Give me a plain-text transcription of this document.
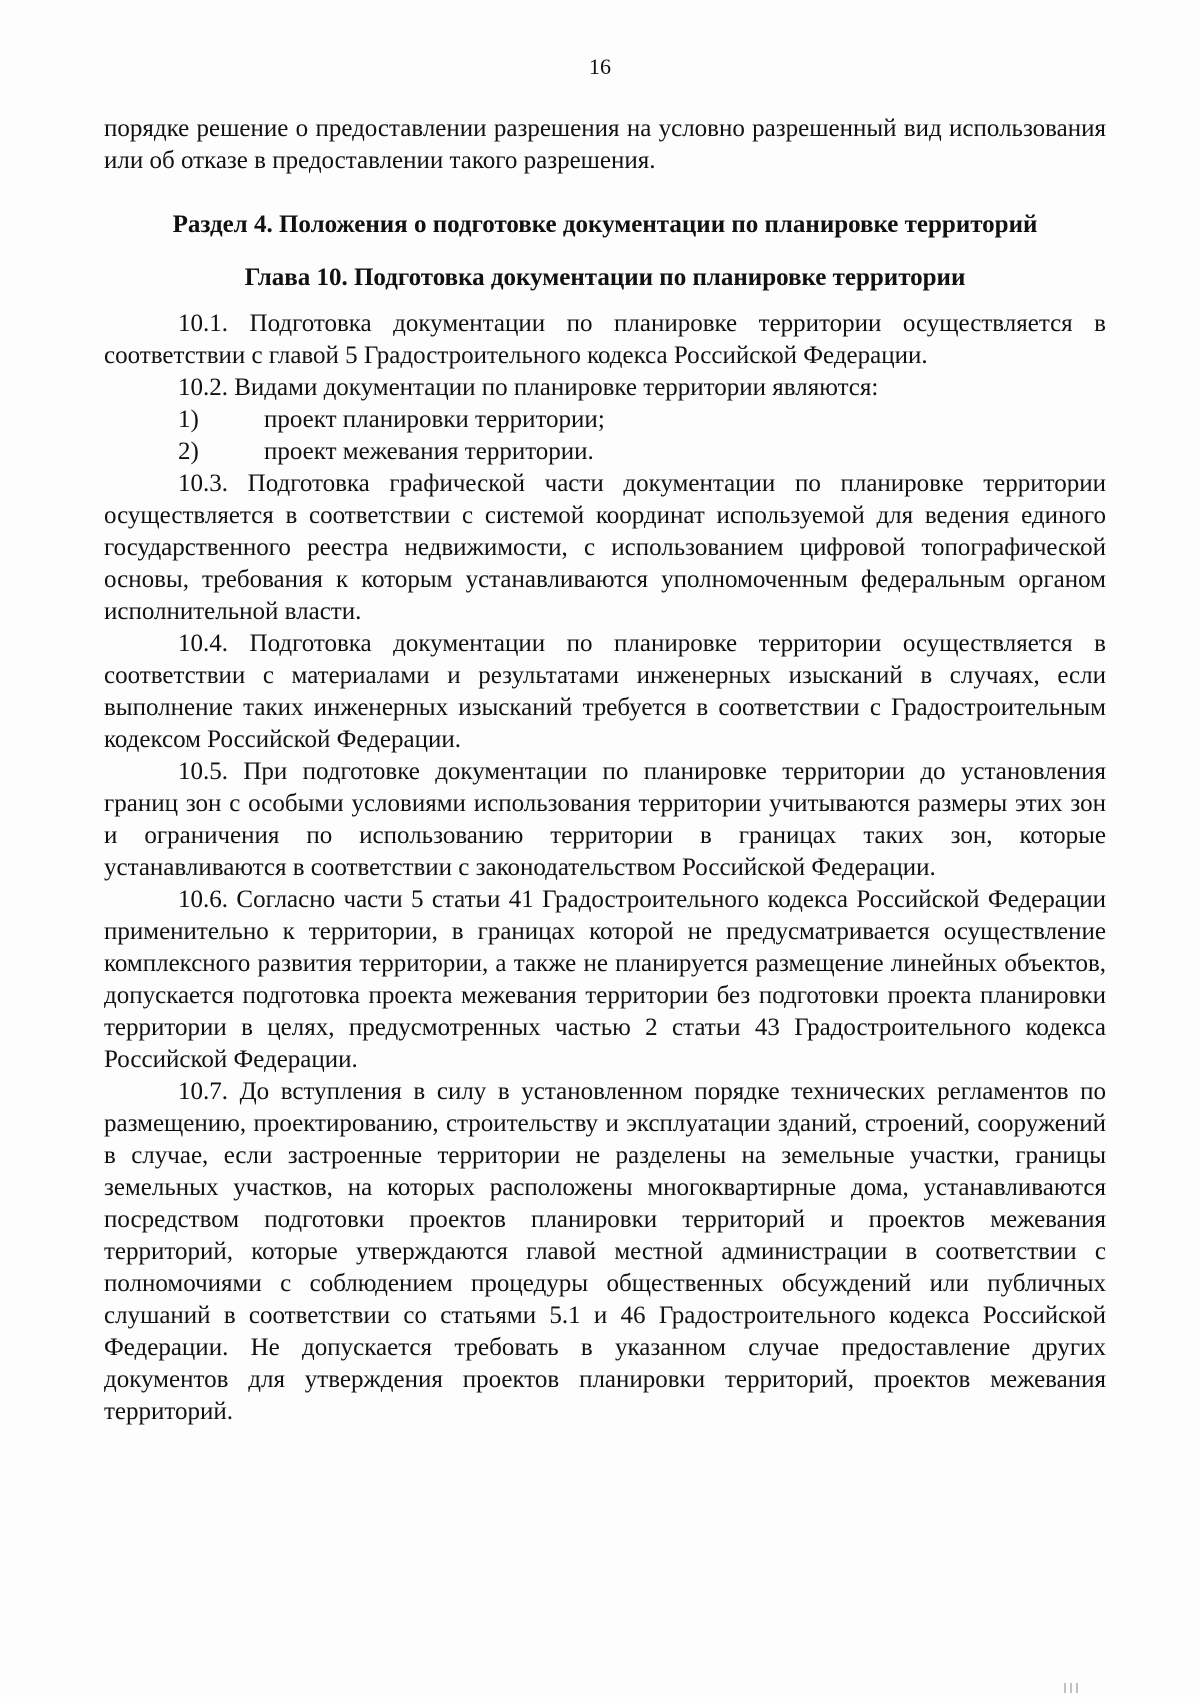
16

порядке решение о предоставлении разрешения на условно разрешенный вид использования или об отказе в предоставлении такого разрешения.

Раздел 4. Положения о подготовке документации по планировке территорий
Глава 10. Подготовка документации по планировке территории

10.1. Подготовка документации по планировке территории осуществляется в соответствии с главой 5 Градостроительного кодекса Российской Федерации.

10.2. Видами документации по планировке территории являются:

1)	проект планировки территории;
2)	проект межевания территории.

10.3. Подготовка графической части документации по планировке территории осуществляется в соответствии с системой координат используемой для ведения единого государственного реестра недвижимости, с использованием цифровой топографической основы, требования к которым устанавливаются уполномоченным федеральным органом исполнительной власти.

10.4. Подготовка документации по планировке территории осуществляется в соответствии с материалами и результатами инженерных изысканий в случаях, если выполнение таких инженерных изысканий требуется в соответствии с Градостроительным кодексом Российской Федерации.

10.5. При подготовке документации по планировке территории до установления границ зон с особыми условиями использования территории учитываются размеры этих зон и ограничения по использованию территории в границах таких зон, которые устанавливаются в соответствии с законодательством Российской Федерации.

10.6. Согласно части 5 статьи 41 Градостроительного кодекса Российской Федерации применительно к территории, в границах которой не предусматривается осуществление комплексного развития территории, а также не планируется размещение линейных объектов, допускается подготовка проекта межевания территории без подготовки проекта планировки территории в целях, предусмотренных частью 2 статьи 43 Градостроительного кодекса Российской Федерации.

10.7. До вступления в силу в установленном порядке технических регламентов по размещению, проектированию, строительству и эксплуатации зданий, строений, сооружений в случае, если застроенные территории не разделены на земельные участки, границы земельных участков, на которых расположены многоквартирные дома, устанавливаются посредством подготовки проектов планировки территорий и проектов межевания территорий, которые утверждаются главой местной администрации в соответствии с полномочиями с соблюдением процедуры общественных обсуждений или публичных слушаний в соответствии со статьями 5.1 и 46 Градостроительного кодекса Российской Федерации. Не допускается требовать в указанном случае предоставление других документов для утверждения проектов планировки территорий, проектов межевания территорий.
